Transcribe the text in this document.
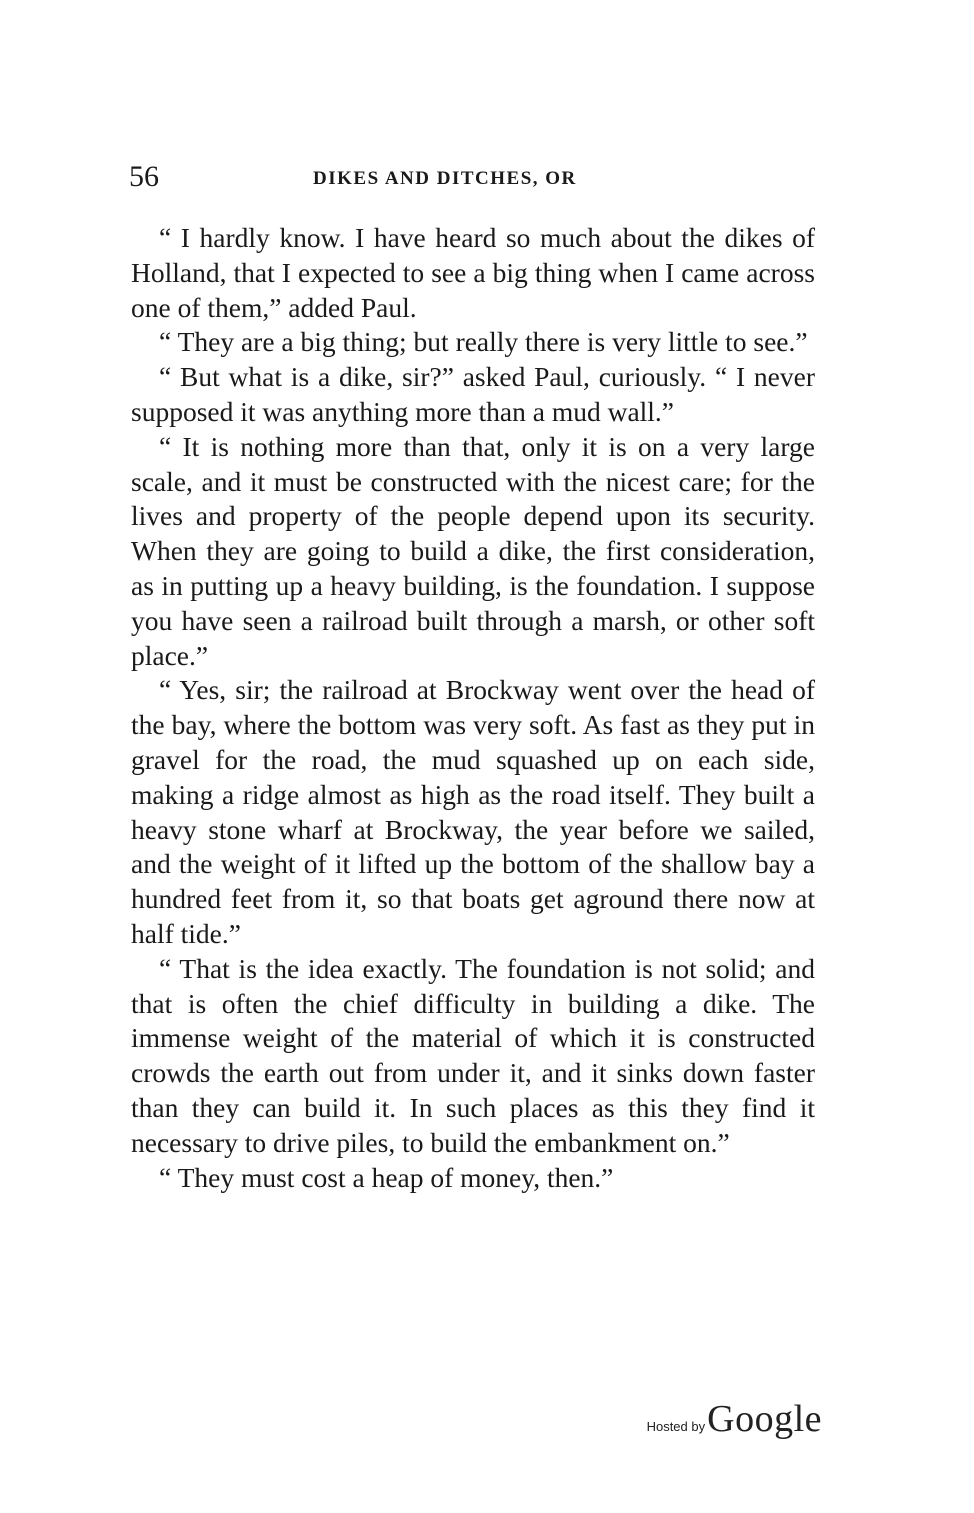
56	DIKES AND DITCHES, OR

“ I hardly know. I have heard so much about the dikes of Holland, that I expected to see a big thing when I came across one of them,” added Paul.

“ They are a big thing; but really there is very little to see.”

“ But what is a dike, sir?” asked Paul, curiously. “ I never supposed it was anything more than a mud wall.”

“ It is nothing more than that, only it is on a very large scale, and it must be constructed with the nicest care; for the lives and property of the people depend upon its security. When they are going to build a dike, the first consideration, as in putting up a heavy building, is the foundation. I suppose you have seen a railroad built through a marsh, or other soft place.”

“ Yes, sir; the railroad at Brockway went over the head of the bay, where the bottom was very soft. As fast as they put in gravel for the road, the mud squashed up on each side, making a ridge almost as high as the road itself. They built a heavy stone wharf at Brockway, the year before we sailed, and the weight of it lifted up the bottom of the shallow bay a hundred feet from it, so that boats get aground there now at half tide.”

“ That is the idea exactly. The foundation is not solid; and that is often the chief difficulty in building a dike. The immense weight of the material of which it is constructed crowds the earth out from under it, and it sinks down faster than they can build it. In such places as this they find it necessary to drive piles, to build the embankment on.”

“ They must cost a heap of money, then.”

Hosted by Google
